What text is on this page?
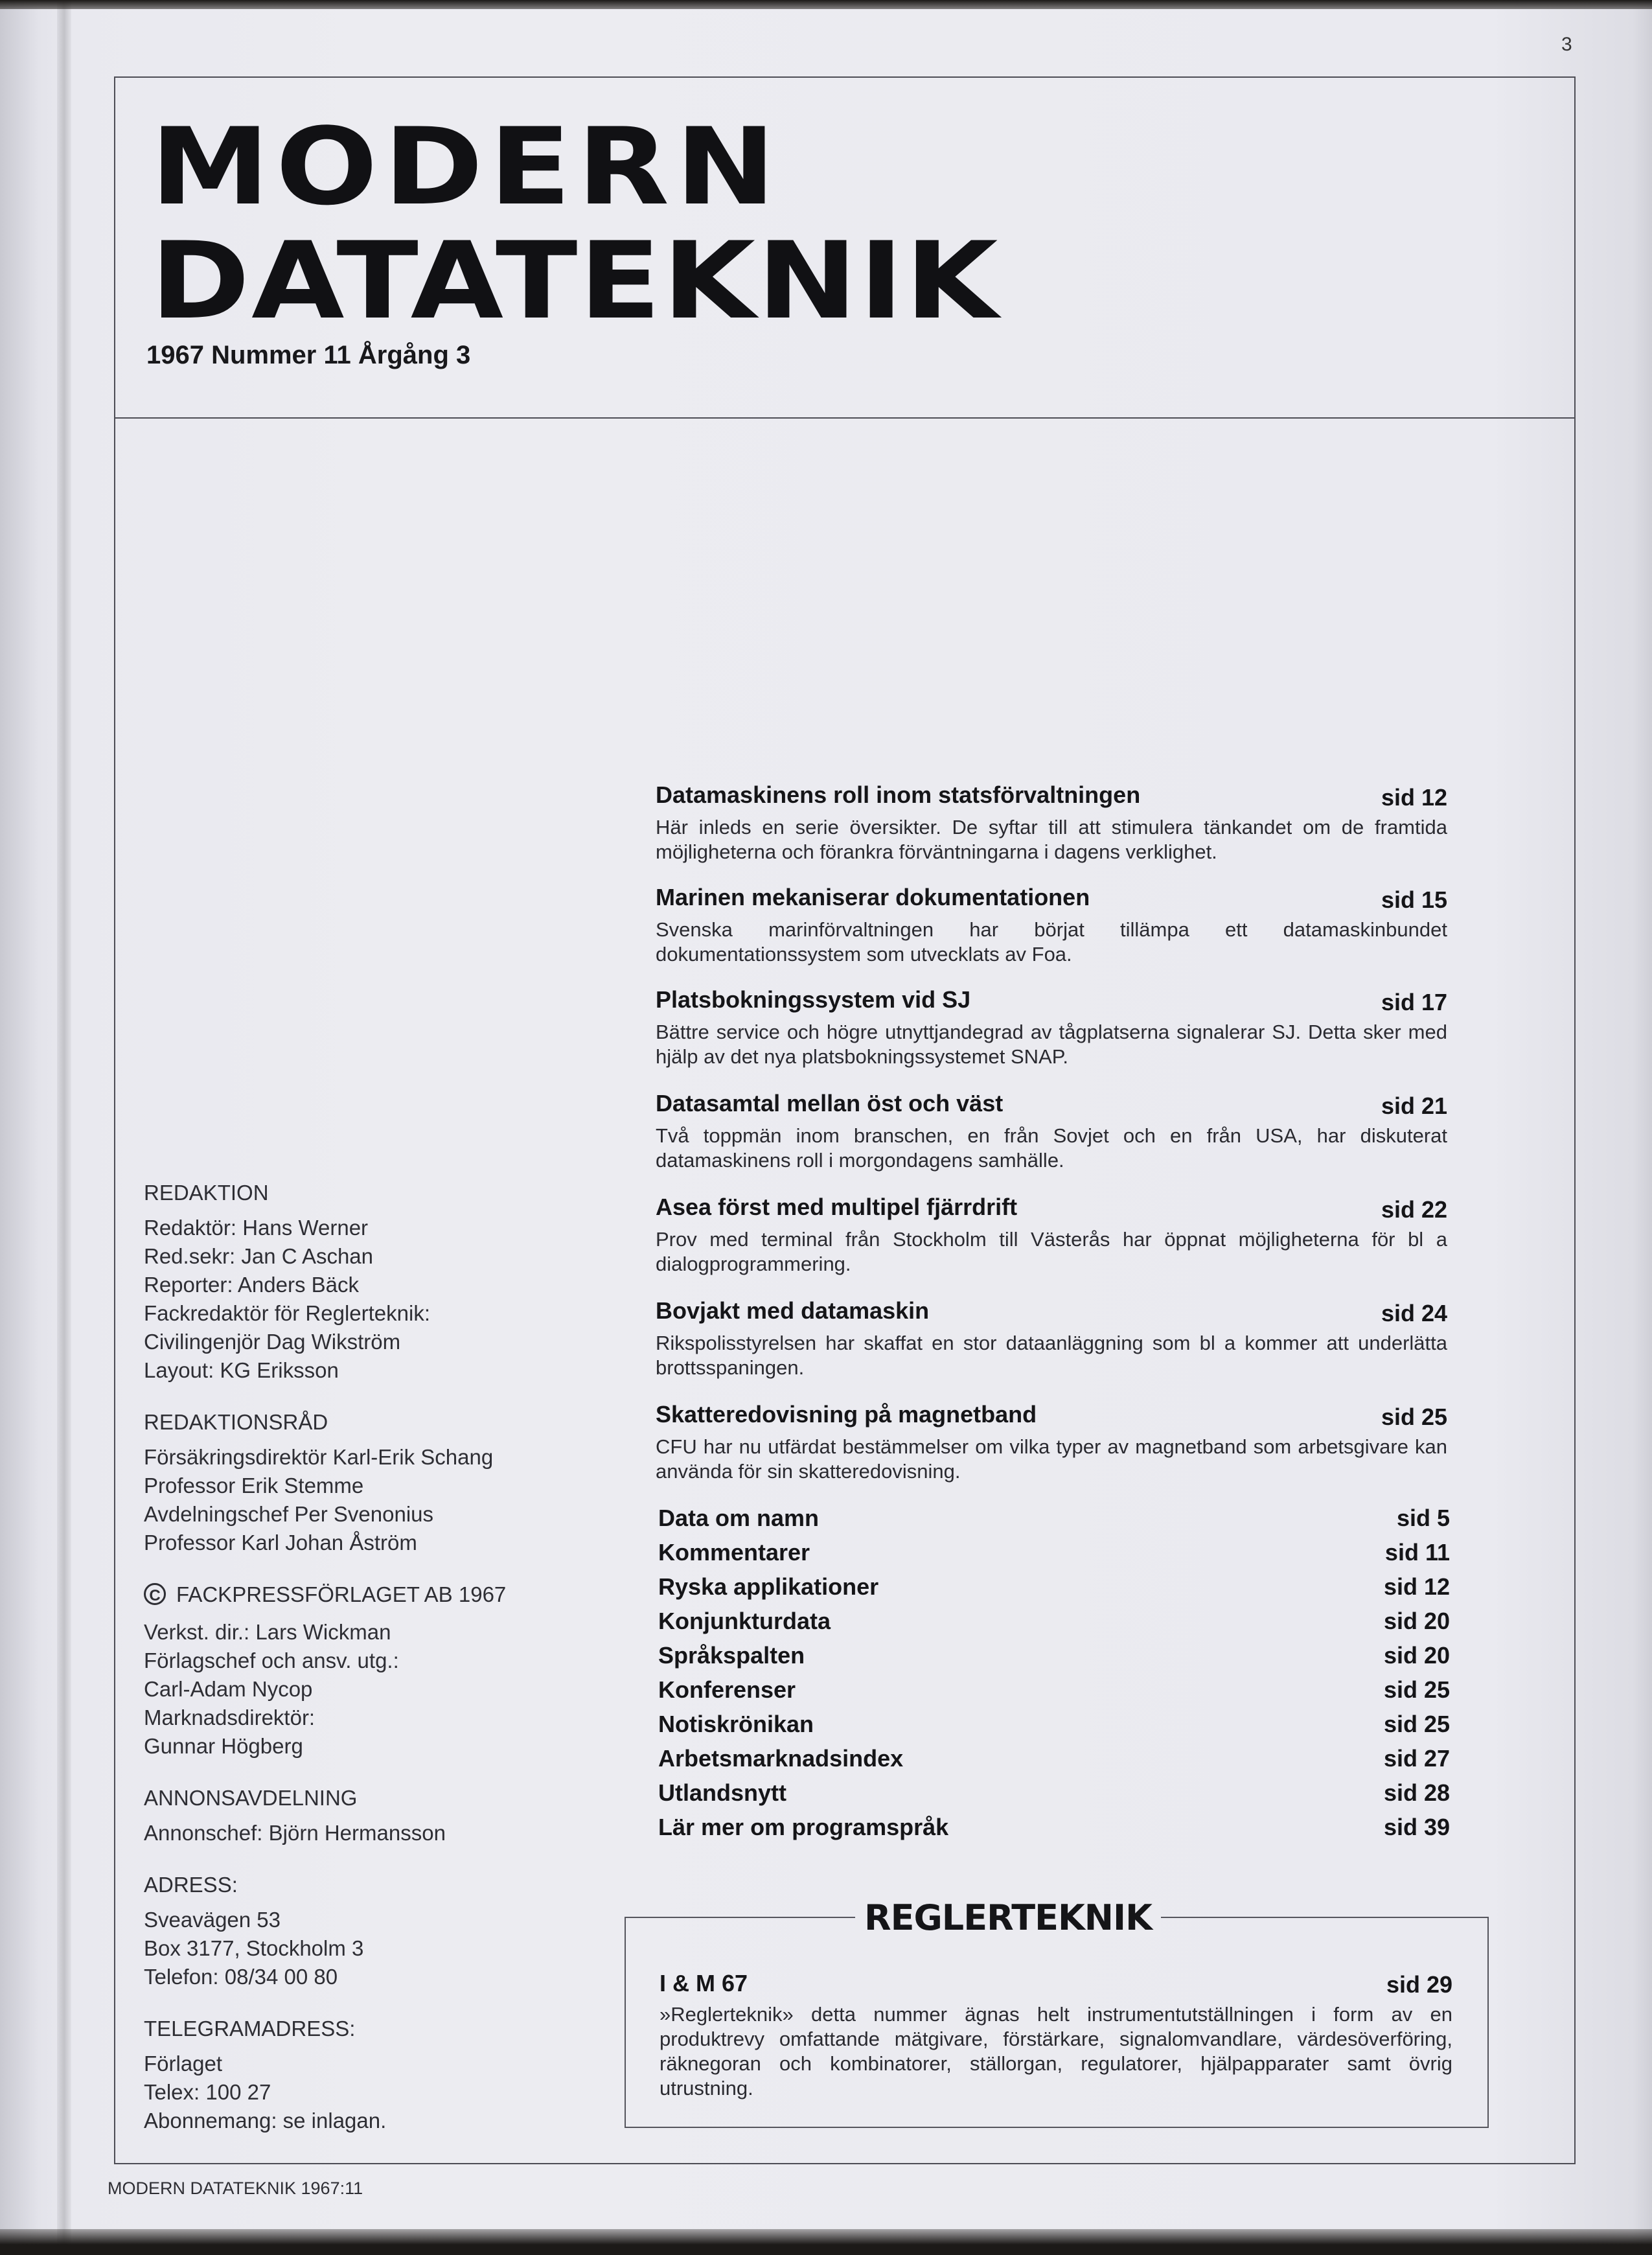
3
MODERN
DATATEKNIK
1967 Nummer 11 Årgång 3
Datamaskinens roll inom statsförvaltningen	sid 12
Här inleds en serie översikter. De syftar till att stimulera tänkandet om de framtida möjligheterna och förankra förväntningarna i dagens verklighet.
Marinen mekaniserar dokumentationen	sid 15
Svenska marinförvaltningen har börjat tillämpa ett datamaskinbundet dokumentationssystem som utvecklats av Foa.
Platsbokningssystem vid SJ	sid 17
Bättre service och högre utnyttjandegrad av tågplatserna signalerar SJ. Detta sker med hjälp av det nya platsbokningssystemet SNAP.
Datasamtal mellan öst och väst	sid 21
Två toppmän inom branschen, en från Sovjet och en från USA, har diskuterat datamaskinens roll i morgondagens samhälle.
Asea först med multipel fjärrdrift	sid 22
Prov med terminal från Stockholm till Västerås har öppnat möjligheterna för bl a dialogprogrammering.
Bovjakt med datamaskin	sid 24
Rikspolisstyrelsen har skaffat en stor dataanläggning som bl a kommer att underlätta brottsspaningen.
Skatteredovisning på magnetband	sid 25
CFU har nu utfärdat bestämmelser om vilka typer av magnetband som arbetsgivare kan använda för sin skatteredovisning.
Data om namn	sid 5
Kommentarer	sid 11
Ryska applikationer	sid 12
Konjunkturdata	sid 20
Språkspalten	sid 20
Konferenser	sid 25
Notiskrönikan	sid 25
Arbetsmarknadsindex	sid 27
Utlandsnytt	sid 28
Lär mer om programspråk	sid 39
REDAKTION
Redaktör: Hans Werner
Red.sekr: Jan C Aschan
Reporter: Anders Bäck
Fackredaktör för Reglerteknik:
Civilingenjör Dag Wikström
Layout: KG Eriksson
REDAKTIONSRÅD
Försäkringsdirektör Karl-Erik Schang
Professor Erik Stemme
Avdelningschef Per Svenonius
Professor Karl Johan Åström
C FACKPRESSFÖRLAGET AB 1967
Verkst. dir.: Lars Wickman
Förlagschef och ansv. utg.:
Carl-Adam Nycop
Marknadsdirektör:
Gunnar Högberg
ANNONSAVDELNING
Annonschef: Björn Hermansson
ADRESS:
Sveavägen 53
Box 3177, Stockholm 3
Telefon: 08/34 00 80
TELEGRAMADRESS:
Förlaget
Telex: 100 27
Abonnemang: se inlagan.
I & M 67	sid 29
»Reglerteknik» detta nummer ägnas helt instrumentutställningen i form av en produktrevy omfattande mätgivare, förstärkare, signalomvandlare, värdesöverföring, räknegoran och kombinatorer, ställorgan, regulatorer, hjälpapparater samt övrig utrustning.
REGLERTEKNIK
MODERN DATATEKNIK 1967:11
